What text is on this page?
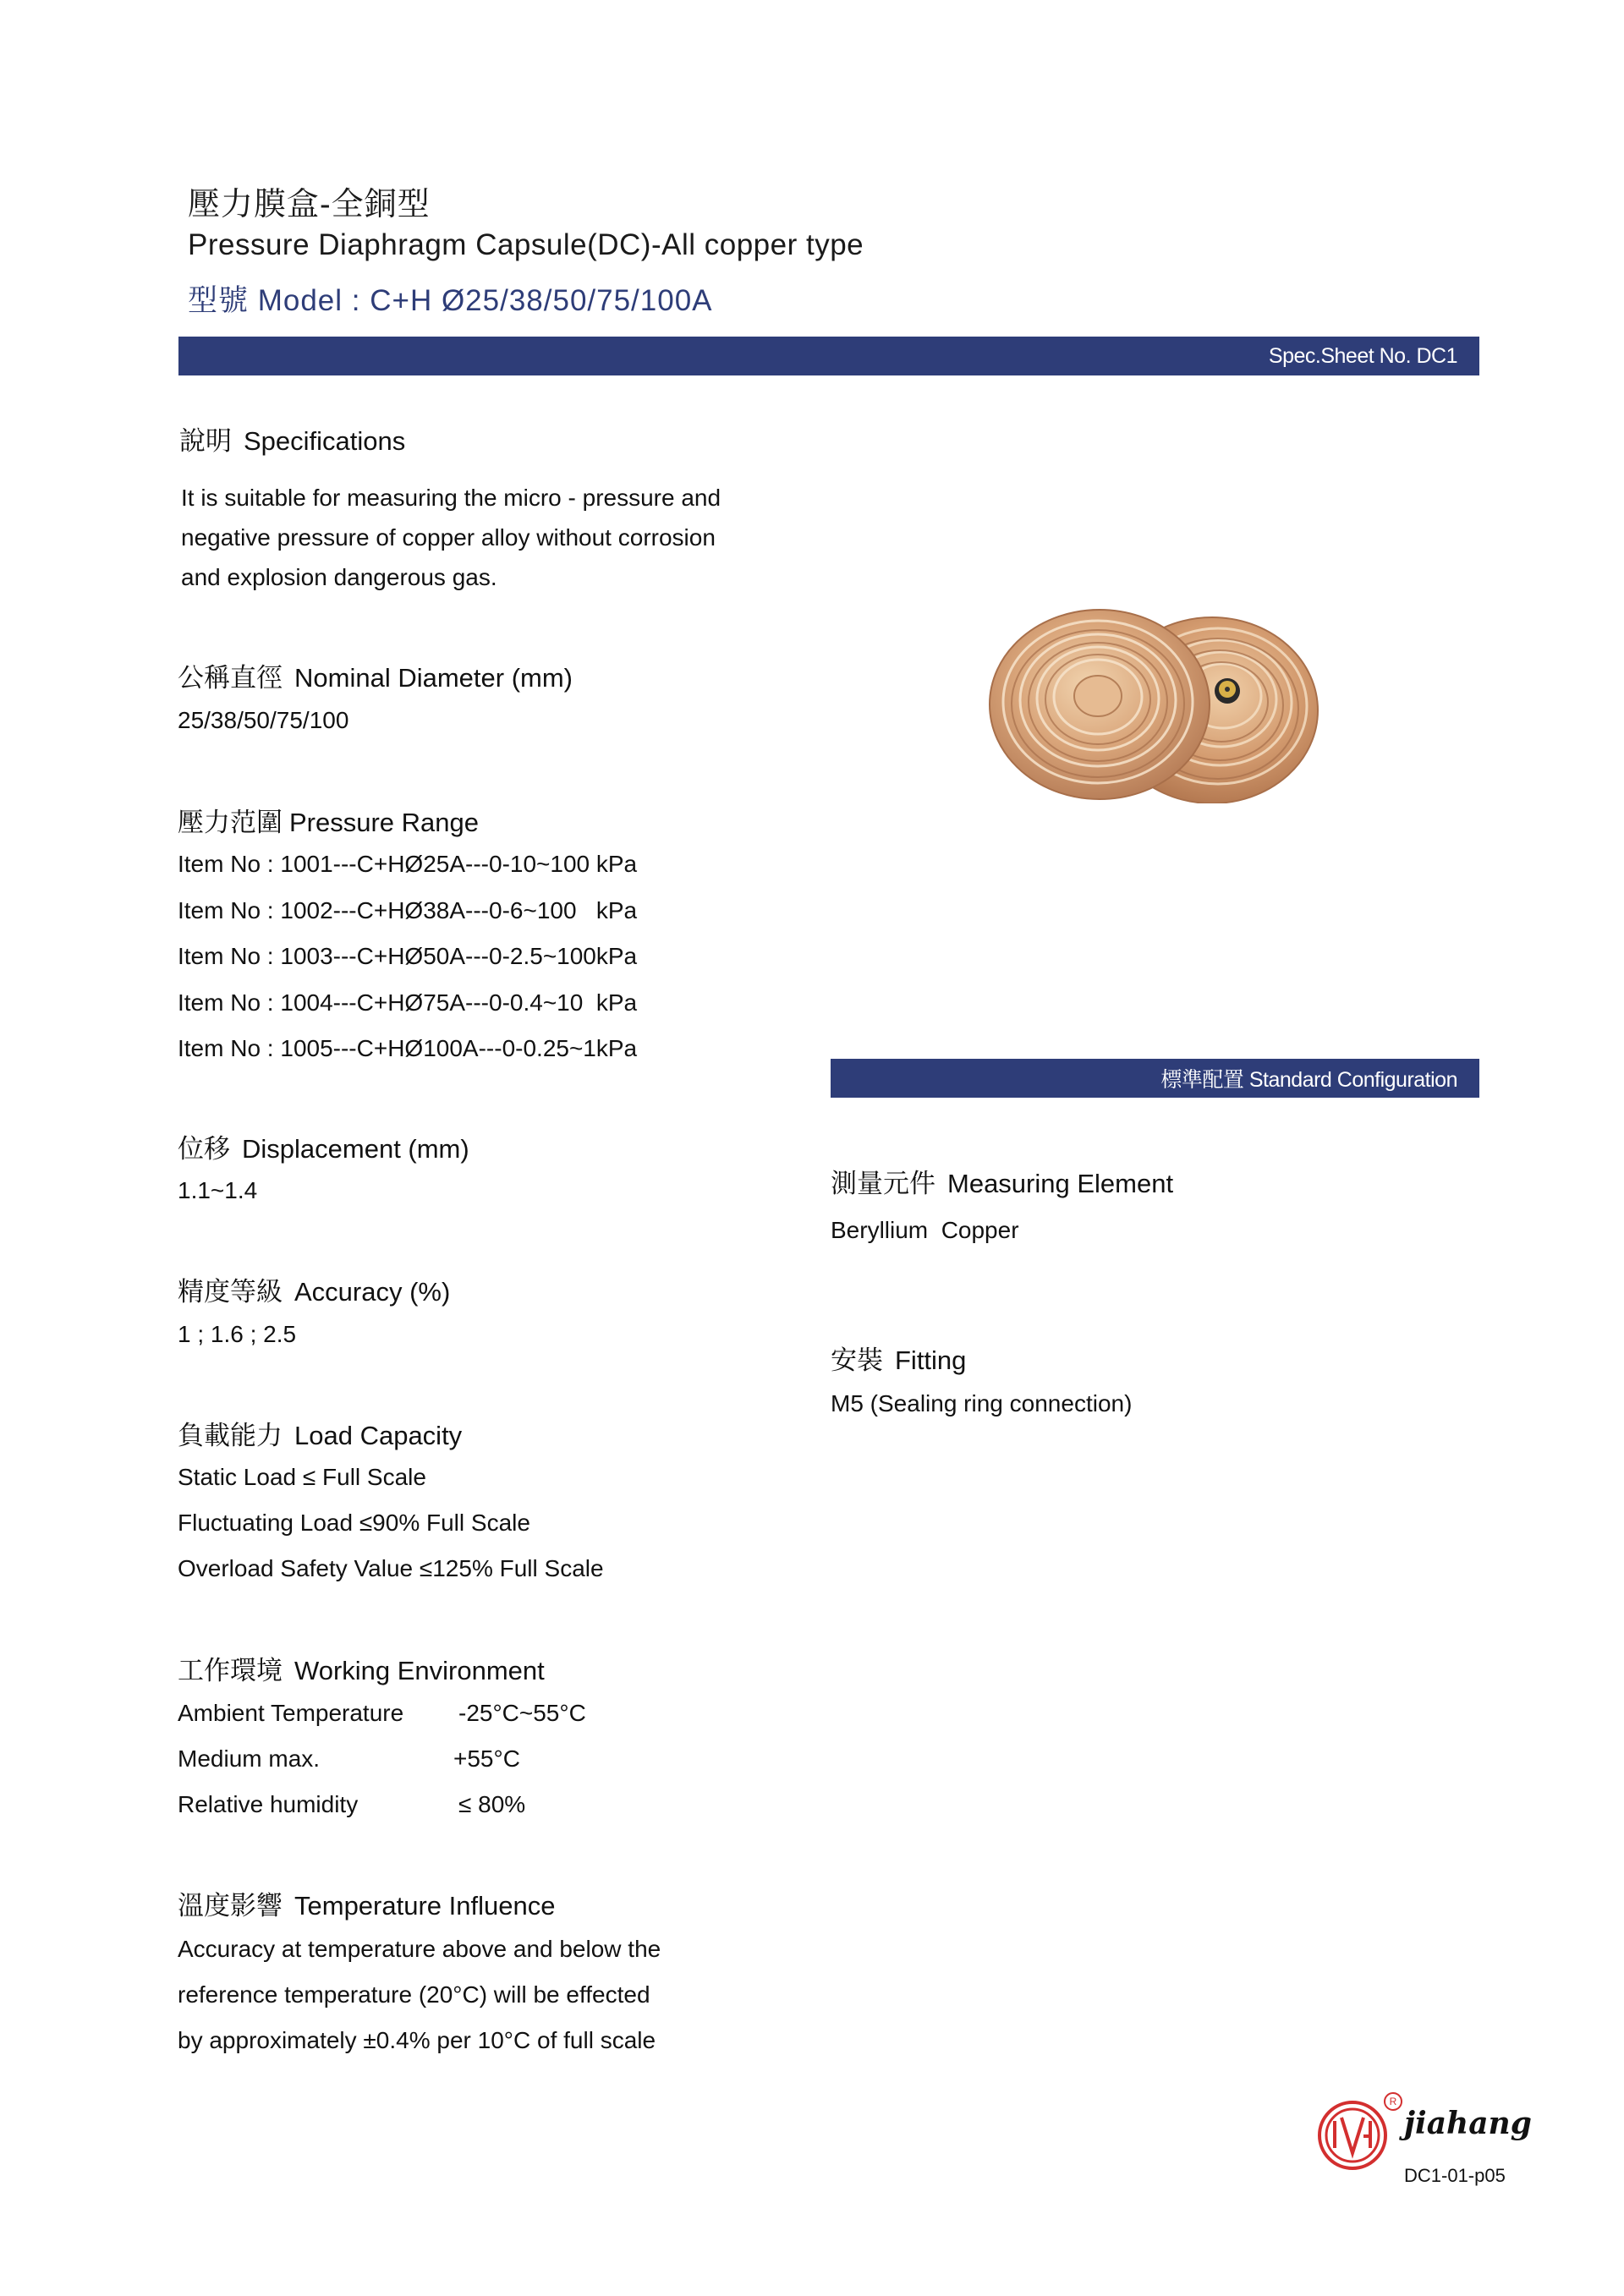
壓力膜盒-全銅型
Pressure Diaphragm Capsule(DC)-All copper type
型號 Model : C+H Ø25/38/50/75/100A
Spec.Sheet No. DC1
說明 Specifications
It is suitable for measuring the micro - pressure and
negative pressure of copper alloy without corrosion
and explosion dangerous gas.
公稱直徑 Nominal Diameter (mm)
25/38/50/75/100
壓力范圍 Pressure Range
Item No : 1001---C+HØ25A---0-10~100 kPa
Item No : 1002---C+HØ38A---0-6~100   kPa
Item No : 1003---C+HØ50A---0-2.5~100kPa
Item No : 1004---C+HØ75A---0-0.4~10  kPa
Item No : 1005---C+HØ100A---0-0.25~1kPa
位移 Displacement (mm)
1.1~1.4
精度等級 Accuracy (%)
1 ; 1.6 ; 2.5
負載能力 Load Capacity
Static Load ≤ Full Scale
Fluctuating Load ≤90% Full Scale
Overload Safety Value ≤125% Full Scale
工作環境 Working Environment
Ambient Temperature -25°C~55°C
Medium max.	+55°C
Relative humidity	≤ 80%
溫度影響 Temperature Influence
Accuracy at temperature above and below the
reference temperature (20°C) will be effected
by approximately ±0.4% per 10°C of full scale
標準配置 Standard Configuration
測量元件 Measuring Element
Beryllium  Copper
安裝 Fitting
M5 (Sealing ring connection)
R
jiahang
DC1-01-p05
